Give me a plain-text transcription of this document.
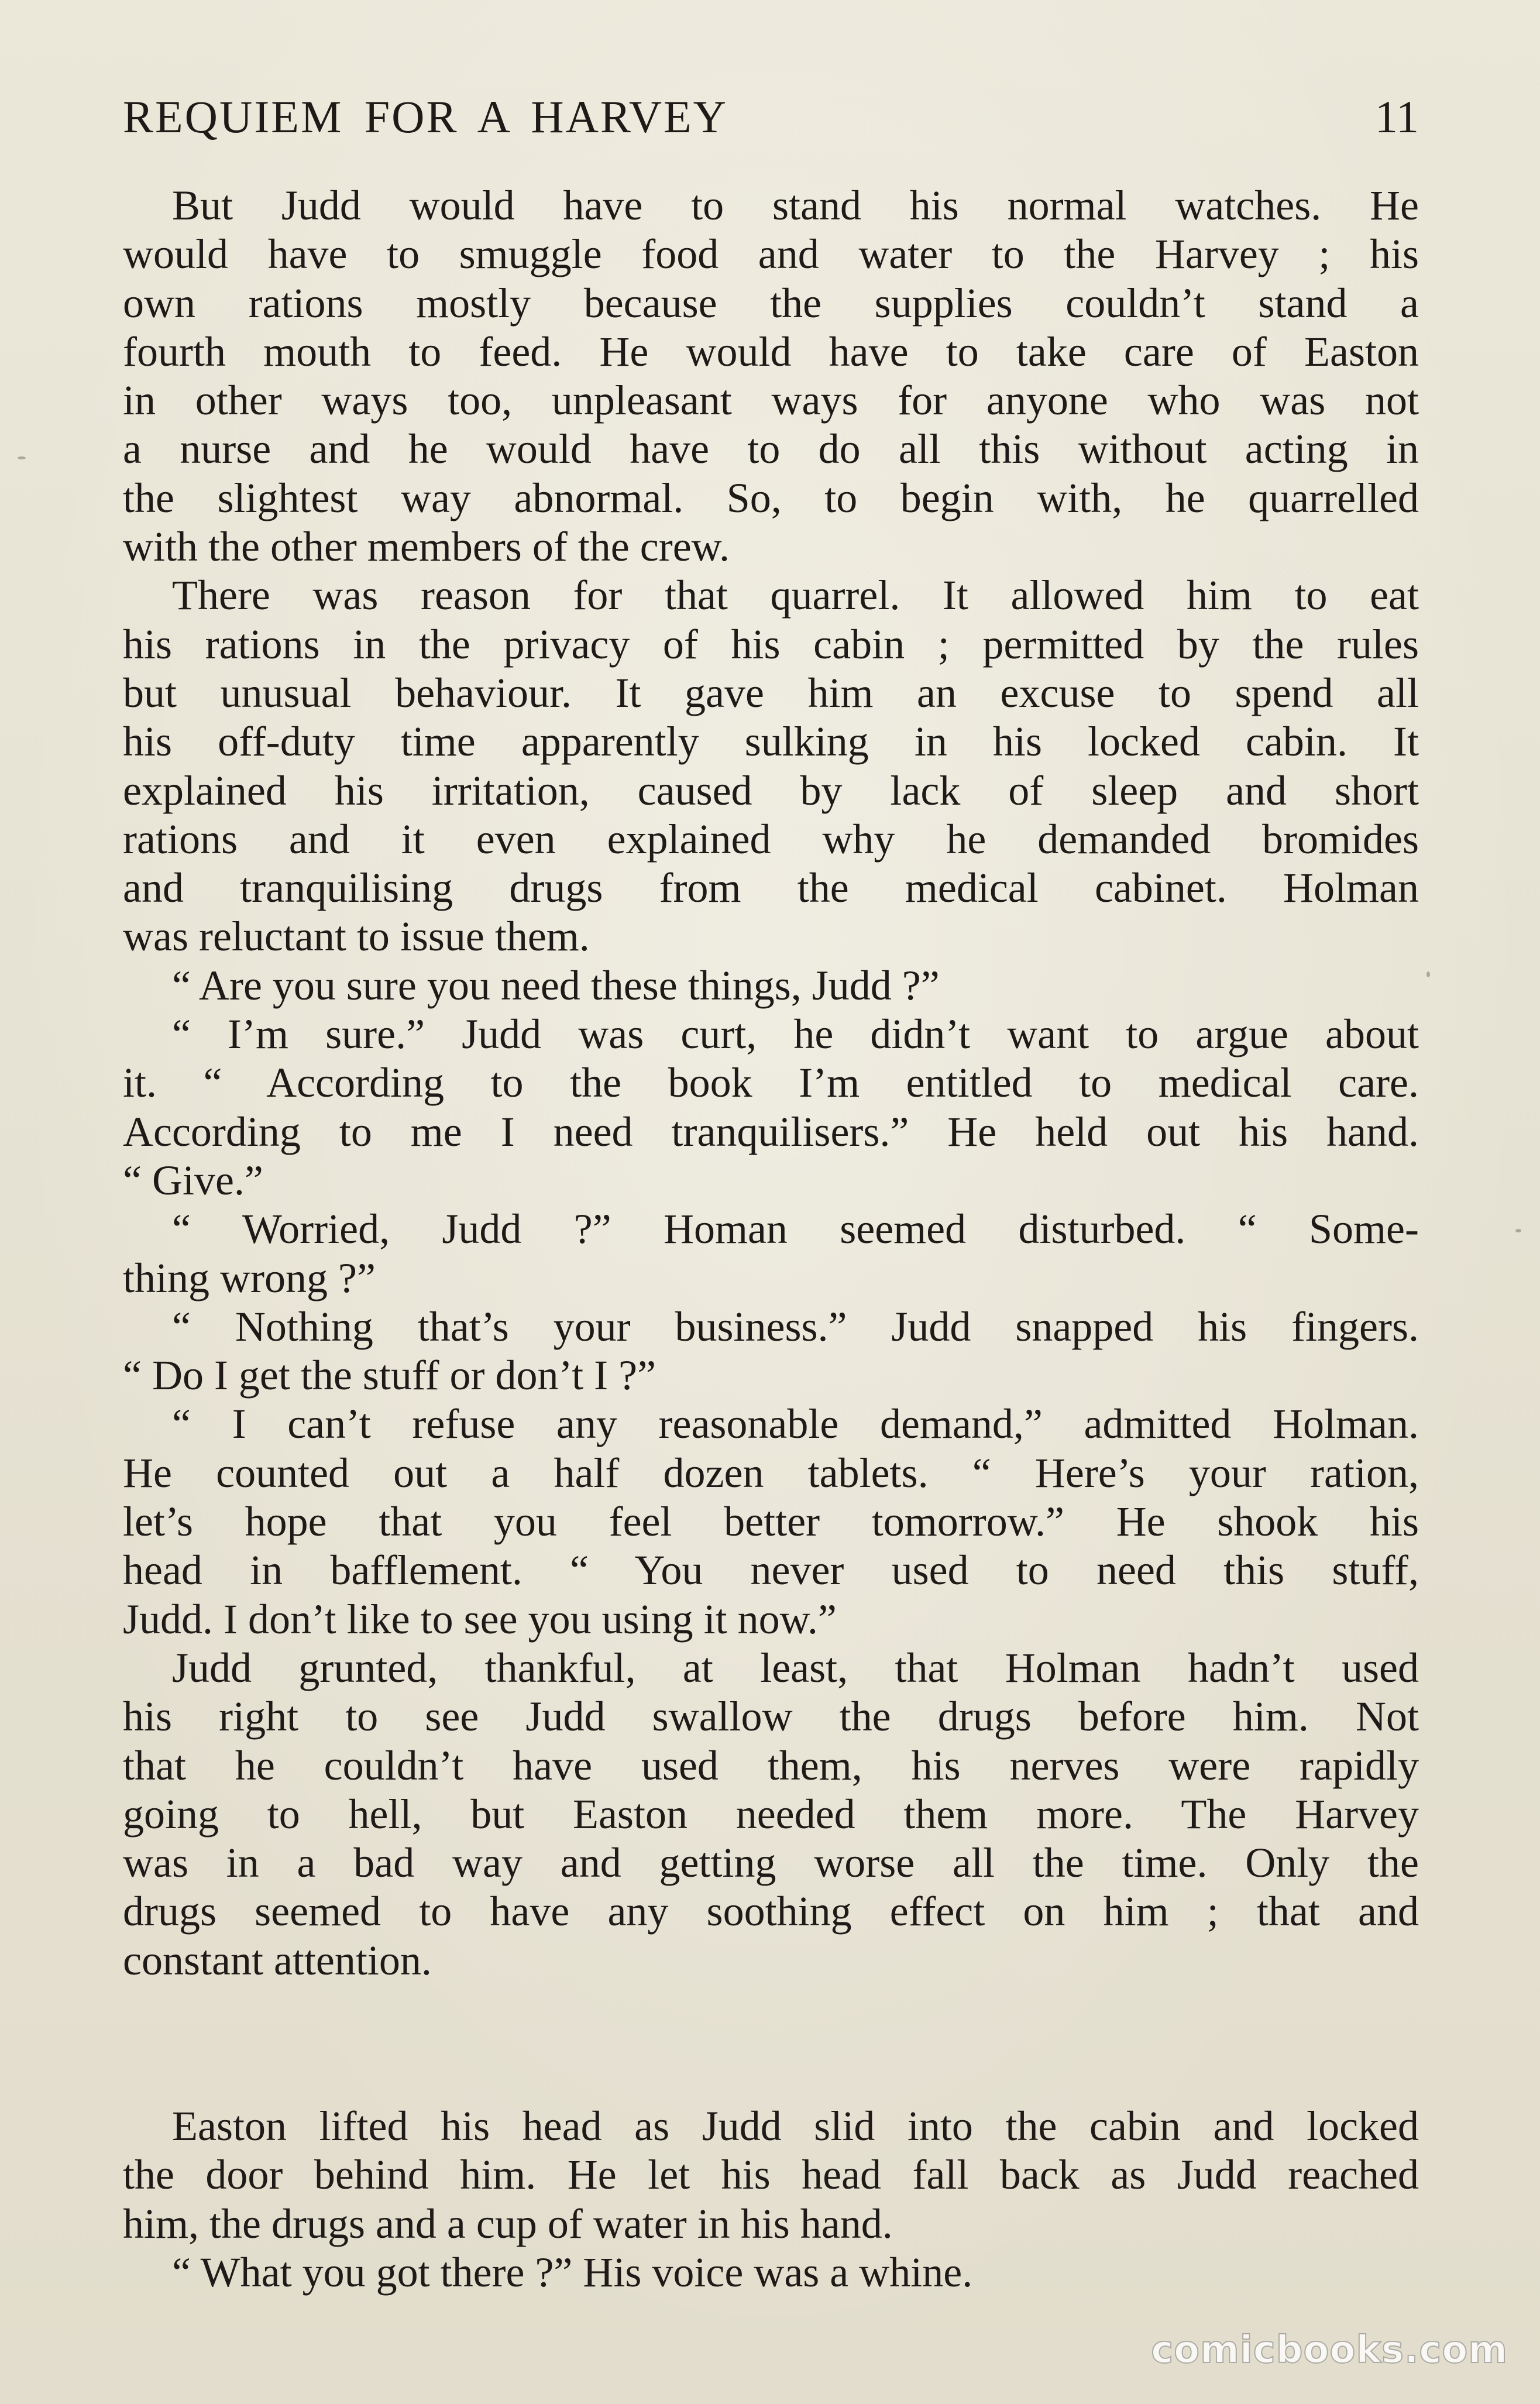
REQUIEM FOR A HARVEY	11
But Judd would have to stand his normal watches. He
would have to smuggle food and water to the Harvey ; his
own rations mostly because the supplies couldn’t stand a
fourth mouth to feed. He would have to take care of Easton
in other ways too, unpleasant ways for anyone who was not
a nurse and he would have to do all this without acting in
the slightest way abnormal. So, to begin with, he quarrelled
with the other members of the crew.
There was reason for that quarrel. It allowed him to eat
his rations in the privacy of his cabin ; permitted by the rules
but unusual behaviour. It gave him an excuse to spend all
his off-duty time apparently sulking in his locked cabin. It
explained his irritation, caused by lack of sleep and short
rations and it even explained why he demanded bromides
and tranquilising drugs from the medical cabinet. Holman
was reluctant to issue them.
“ Are you sure you need these things, Judd ?”
“ I’m sure.” Judd was curt, he didn’t want to argue about
it. “ According to the book I’m entitled to medical care.
According to me I need tranquilisers.” He held out his hand.
“ Give.”
“ Worried, Judd ?” Homan seemed disturbed. “ Some-
thing wrong ?”
“ Nothing that’s your business.” Judd snapped his fingers.
“ Do I get the stuff or don’t I ?”
“ I can’t refuse any reasonable demand,” admitted Holman.
He counted out a half dozen tablets. “ Here’s your ration,
let’s hope that you feel better tomorrow.” He shook his
head in bafflement. “ You never used to need this stuff,
Judd. I don’t like to see you using it now.”
Judd grunted, thankful, at least, that Holman hadn’t used
his right to see Judd swallow the drugs before him. Not
that he couldn’t have used them, his nerves were rapidly
going to hell, but Easton needed them more. The Harvey
was in a bad way and getting worse all the time. Only the
drugs seemed to have any soothing effect on him ; that and
constant attention.
Easton lifted his head as Judd slid into the cabin and locked
the door behind him. He let his head fall back as Judd reached
him, the drugs and a cup of water in his hand.
“ What you got there ?” His voice was a whine.
comicbooks.com
